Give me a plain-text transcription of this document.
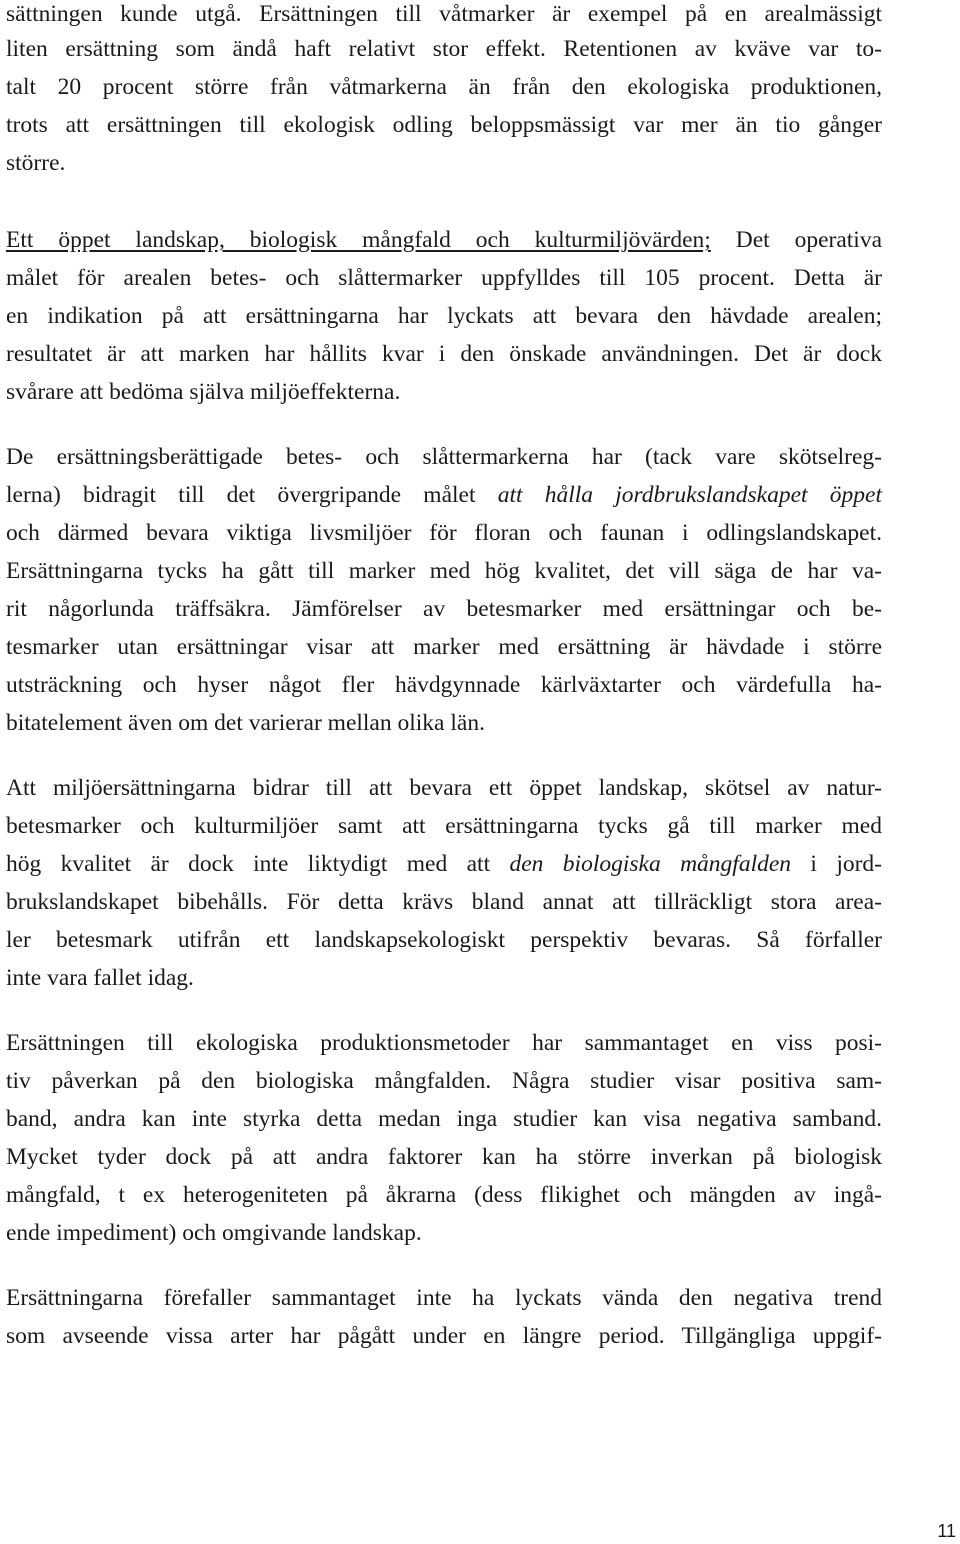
sättningen kunde utgå. Ersättningen till våtmarker är exempel på en arealmässigt
liten ersättning som ändå haft relativt stor effekt. Retentionen av kväve var to-
talt 20 procent större från våtmarkerna än från den ekologiska produktionen,
trots att ersättningen till ekologisk odling beloppsmässigt var mer än tio gånger
större.
Ett öppet landskap, biologisk mångfald och kulturmiljövärden; Det operativa
målet för arealen betes- och slåttermarker uppfylldes till 105 procent. Detta är
en indikation på att ersättningarna har lyckats att bevara den hävdade arealen;
resultatet är att marken har hållits kvar i den önskade användningen. Det är dock
svårare att bedöma själva miljöeffekterna.
De ersättningsberättigade betes- och slåttermarkerna har (tack vare skötselreg-
lerna) bidragit till det övergripande målet att hålla jordbrukslandskapet öppet
och därmed bevara viktiga livsmiljöer för floran och faunan i odlingslandskapet.
Ersättningarna tycks ha gått till marker med hög kvalitet, det vill säga de har va-
rit någorlunda träffsäkra. Jämförelser av betesmarker med ersättningar och be-
tesmarker utan ersättningar visar att marker med ersättning är hävdade i större
utsträckning och hyser något fler hävdgynnade kärlväxtarter och värdefulla ha-
bitatelement även om det varierar mellan olika län.
Att miljöersättningarna bidrar till att bevara ett öppet landskap, skötsel av natur-
betesmarker och kulturmiljöer samt att ersättningarna tycks gå till marker med
hög kvalitet är dock inte liktydigt med att den biologiska mångfalden i jord-
brukslandskapet bibehålls. För detta krävs bland annat att tillräckligt stora area-
ler betesmark utifrån ett landskapsekologiskt perspektiv bevaras. Så förfaller
inte vara fallet idag.
Ersättningen till ekologiska produktionsmetoder har sammantaget en viss posi-
tiv påverkan på den biologiska mångfalden. Några studier visar positiva sam-
band, andra kan inte styrka detta medan inga studier kan visa negativa samband.
Mycket tyder dock på att andra faktorer kan ha större inverkan på biologisk
mångfald, t ex heterogeniteten på åkrarna (dess flikighet och mängden av ingå-
ende impediment) och omgivande landskap.
Ersättningarna förefaller sammantaget inte ha lyckats vända den negativa trend
som avseende vissa arter har pågått under en längre period. Tillgängliga uppgif-
11
